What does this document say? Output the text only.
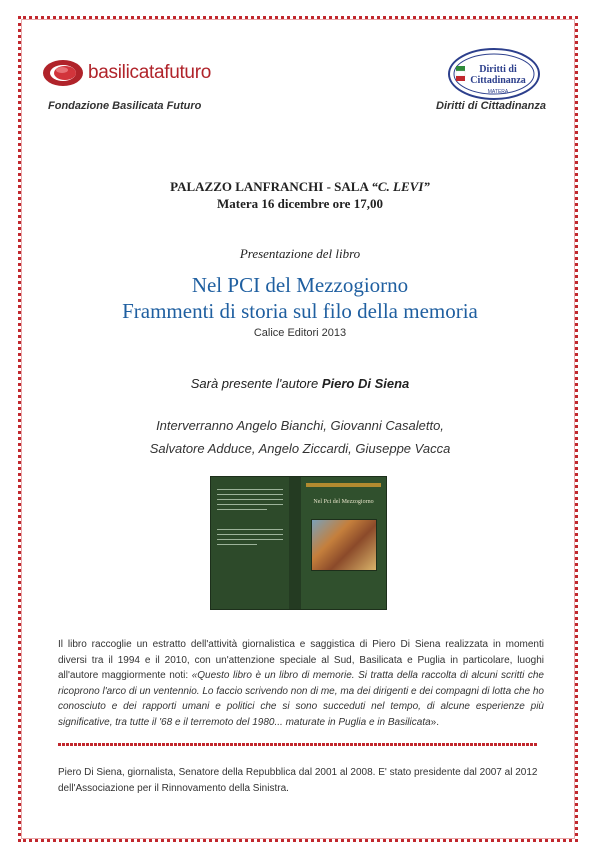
basilicatafuturo
Fondazione Basilicata Futuro
Diritti di
Cittadinanza
MATERA
Diritti di Cittadinanza
PALAZZO LANFRANCHI - SALA “C. LEVI”
Matera 16 dicembre ore 17,00
Presentazione del libro
Nel PCI del Mezzogiorno
Frammenti di storia sul filo della memoria
Calice Editori 2013
Sarà presente l'autore Piero Di Siena
Interverranno Angelo Bianchi, Giovanni Casaletto,
Salvatore Adduce, Angelo Ziccardi, Giuseppe Vacca
Nel Pci del Mezzogiorno
Il libro raccoglie un estratto dell'attività giornalistica e saggistica di Piero Di Siena realizzata in momenti diversi tra il 1994 e il 2010, con un'attenzione speciale al Sud, Basilicata e Puglia in particolare, luoghi all'autore maggiormente noti: «Questo libro è un libro di memorie. Si tratta della raccolta di alcuni scritti che ricoprono l'arco di un ventennio. Lo faccio scrivendo non di me, ma dei dirigenti e dei compagni di lotta che ho conosciuto e dei rapporti umani e politici che si sono succeduti nel tempo, di alcune esperienze più significative, tra tutte il '68 e il terremoto del 1980... maturate in Puglia e in Basilicata».
Piero Di Siena, giornalista, Senatore della Repubblica dal 2001 al 2008. E' stato presidente dal 2007 al 2012 dell'Associazione per il Rinnovamento della Sinistra.
